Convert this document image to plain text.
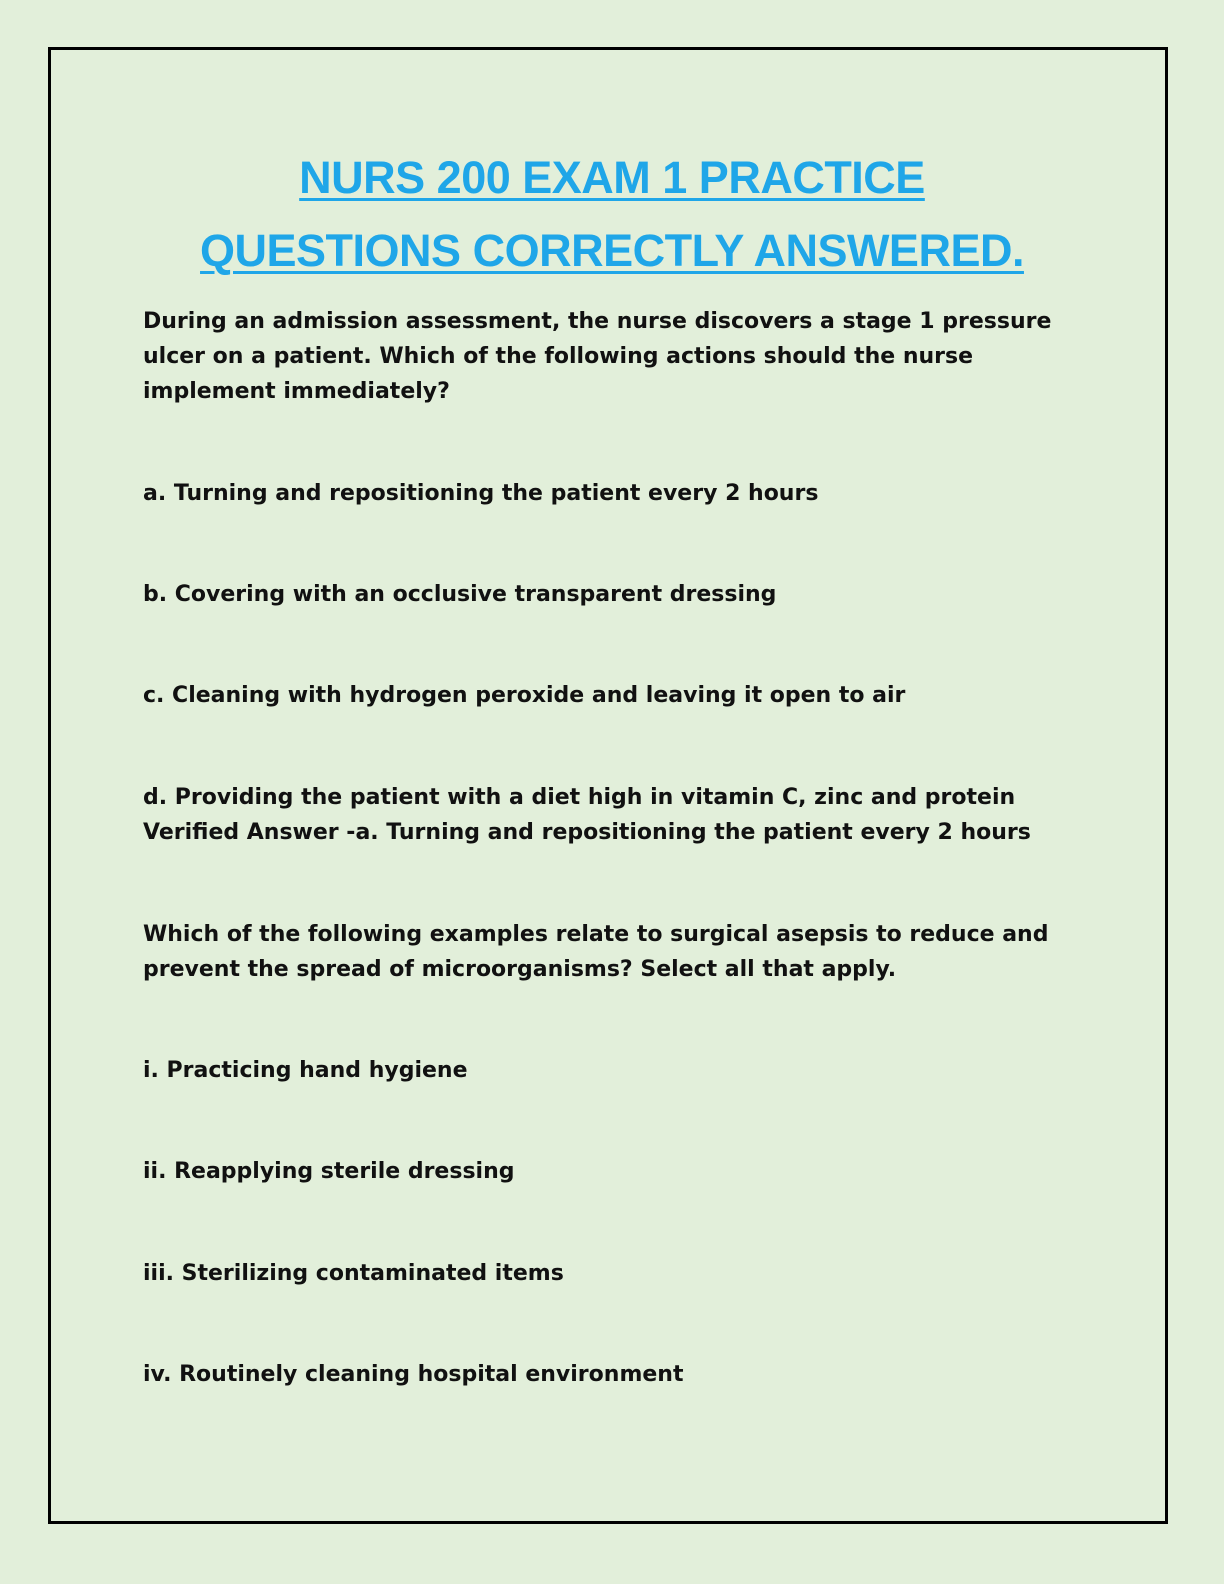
NURS 200 EXAM 1 PRACTICE
QUESTIONS CORRECTLY ANSWERED.

During an admission assessment, the nurse discovers a stage 1 pressure

ulcer on a patient. Which of the following actions should the nurse

implement immediately?

a. Turning and repositioning the patient every 2 hours

b. Covering with an occlusive transparent dressing

c. Cleaning with hydrogen peroxide and leaving it open to air

d. Providing the patient with a diet high in vitamin C, zinc and protein

Verified Answer -a. Turning and repositioning the patient every 2 hours

Which of the following examples relate to surgical asepsis to reduce and

prevent the spread of microorganisms? Select all that apply.

i. Practicing hand hygiene

ii. Reapplying sterile dressing

iii. Sterilizing contaminated items

iv. Routinely cleaning hospital environment
